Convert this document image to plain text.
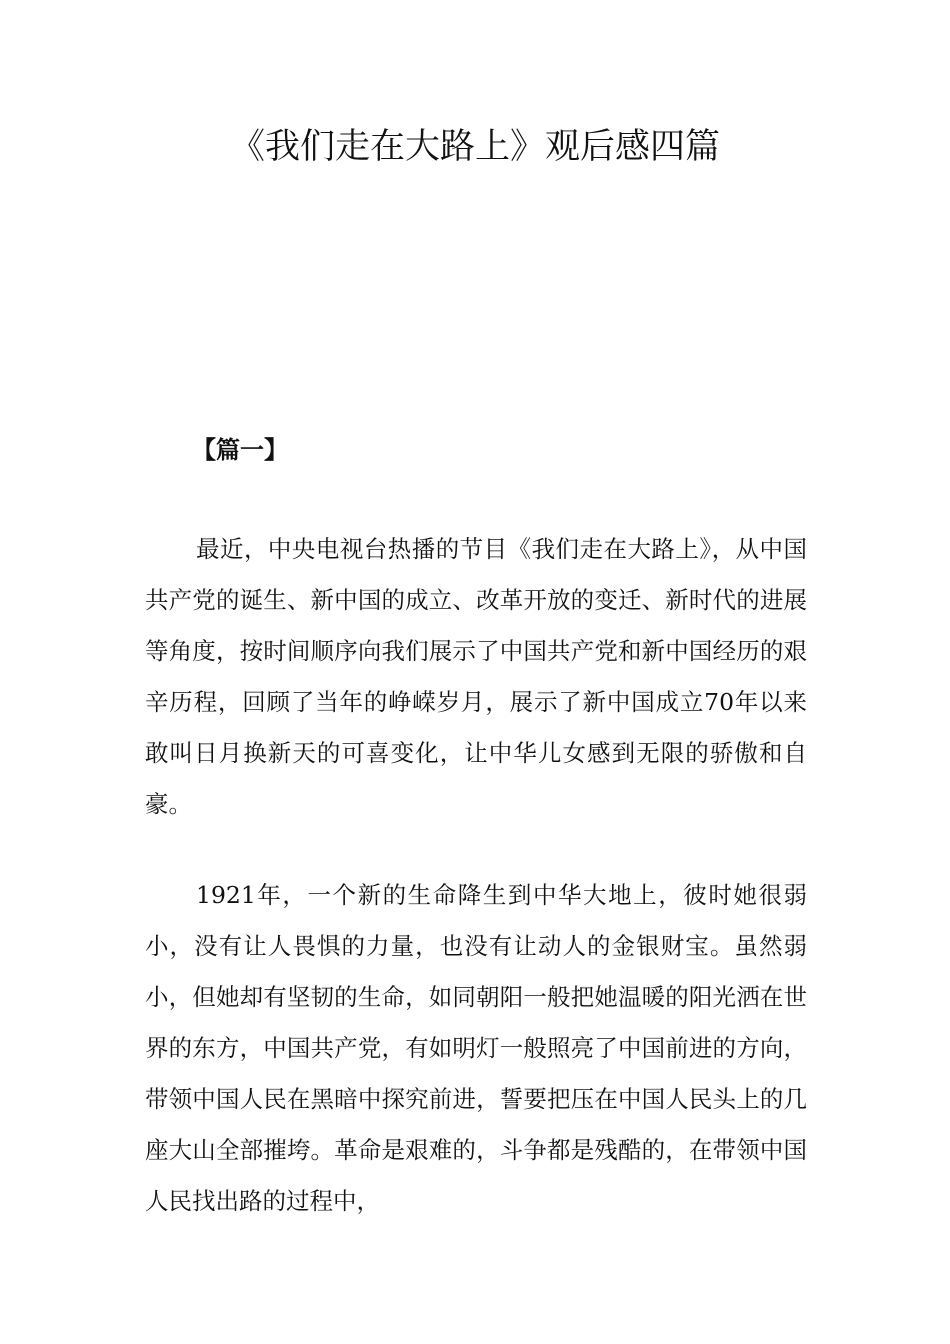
《我们走在大路上》观后感四篇
【篇一】

最近，中央电视台热播的节目《我们走在大路上》，从中国共产党的诞生、新中国的成立、改革开放的变迁、新时代的进展等角度，按时间顺序向我们展示了中国共产党和新中国经历的艰辛历程，回顾了当年的峥嵘岁月，展示了新中国成立70年以来敢叫日月换新天的可喜变化，让中华儿女感到无限的骄傲和自豪。

1921年，一个新的生命降生到中华大地上，彼时她很弱小，没有让人畏惧的力量，也没有让动人的金银财宝。虽然弱小，但她却有坚韧的生命，如同朝阳一般把她温暖的阳光洒在世界的东方，中国共产党，有如明灯一般照亮了中国前进的方向，带领中国人民在黑暗中探究前进，誓要把压在中国人民头上的几座大山全部摧垮。革命是艰难的，斗争都是残酷的，在带领中国人民找出路的过程中，
